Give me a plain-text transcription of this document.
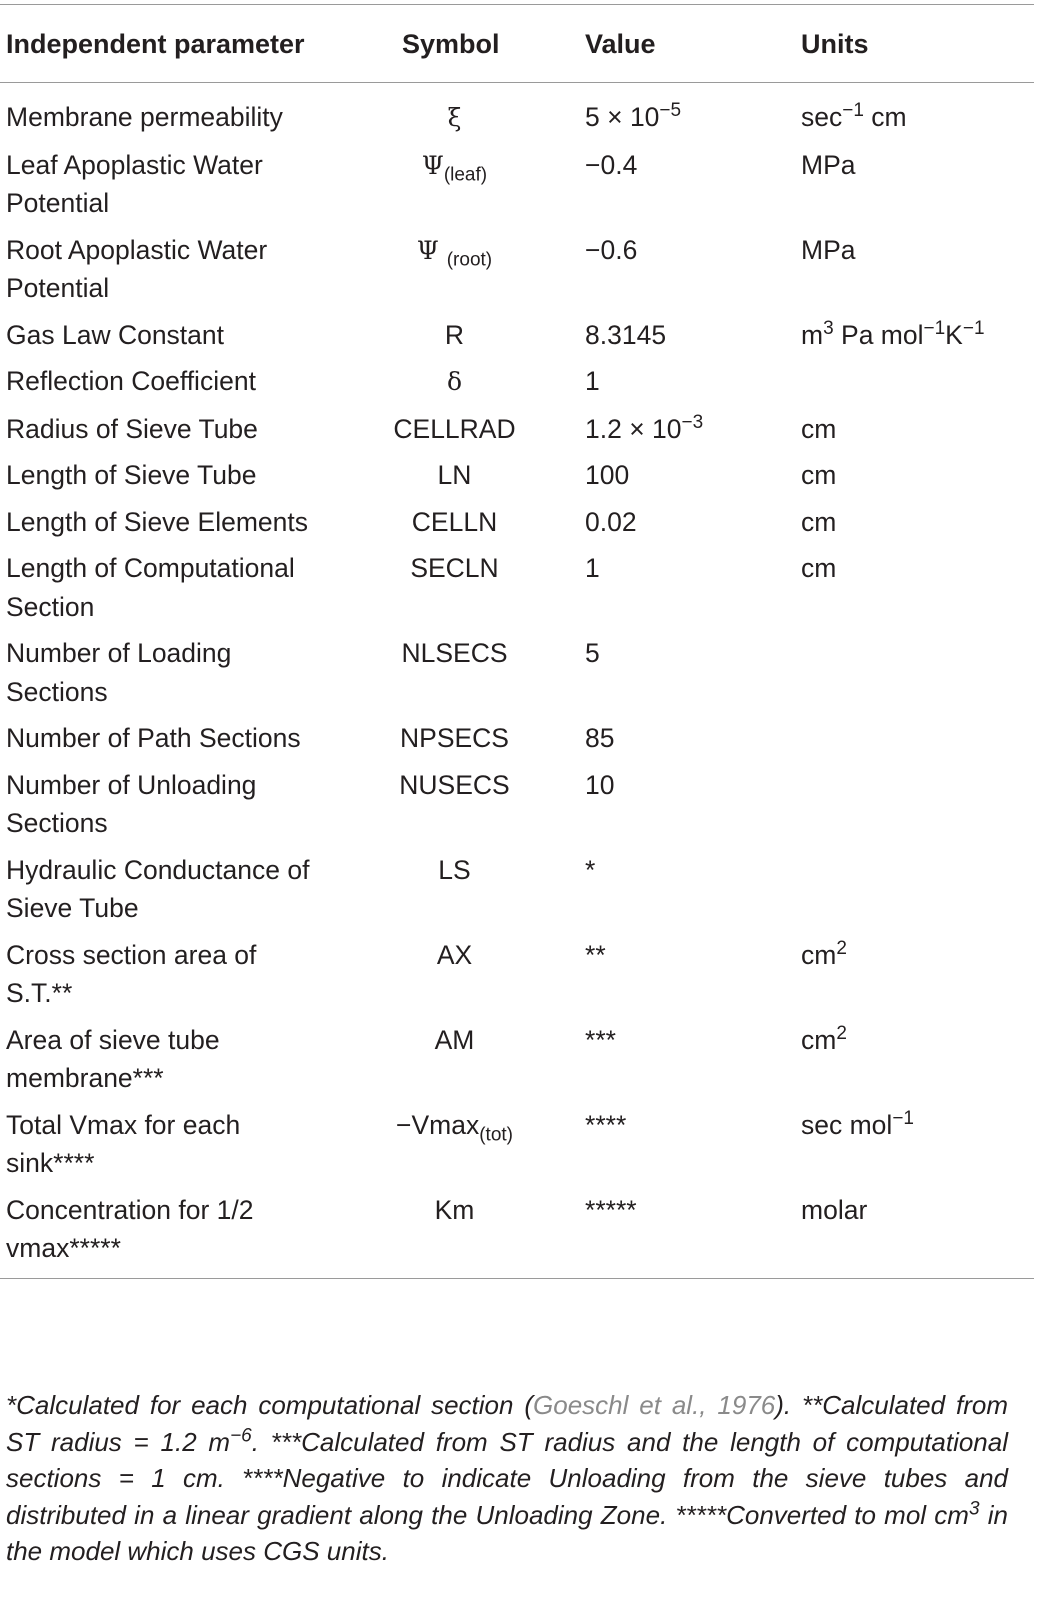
Independent parameter	Symbol	Value	Units
Membrane permeability	ξ	$5 \times 10^{-5}$	$\sec^{-1}$ cm
Leaf Apoplastic Water Potential	$\Psi_{(leaf)}$	−0.4	MPa
Root Apoplastic Water Potential	Ψ $_{(root)}$	−0.6	MPa
Gas Law Constant	R	8.3145	$m^3$ Pa $mol^{-1}K^{-1}$
Reflection Coefficient	δ	1	
Radius of Sieve Tube	CELLRAD	$1.2 \times 10^{-3}$	cm
Length of Sieve Tube	LN	100	cm
Length of Sieve Elements	CELLN	0.02	cm
Length of Computational Section	SECLN	1	cm
Number of Loading Sections	NLSECS	5	
Number of Path Sections	NPSECS	85	
Number of Unloading Sections	NUSECS	10	
Hydraulic Conductance of Sieve Tube	LS	*	
Cross section area of S.T.**	AX	**	$cm^2$
Area of sieve tube membrane***	AM	***	$cm^2$
Total Vmax for each sink****	−Vmax$_{(tot)}$	****	sec mol$^{-1}$
Concentration for 1/2 vmax*****	Km	*****	molar
*Calculated for each computational section (Goeschl et al., 1976). **Calculated from ST radius = 1.2 $m^{-6}$. ***Calculated from ST radius and the length of computational sections = 1 cm. ****Negative to indicate Unloading from the sieve tubes and distributed in a linear gradient along the Unloading Zone. *****Converted to mol $cm^3$ in the model which uses CGS units.
